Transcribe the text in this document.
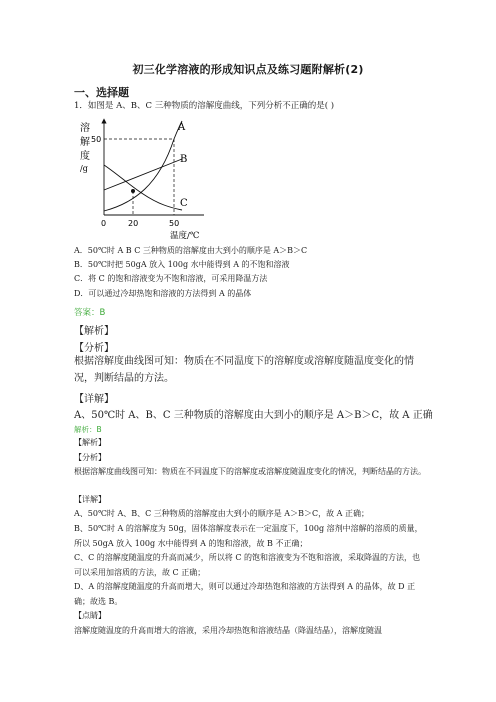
初三化学溶液的形成知识点及练习题附解析(2)
一、选择题
1．如图是 A、B、C 三种物质的溶解度曲线，下列分析不正确的是( )
溶
解
度
/g
50
A
B
C
0	20	50
温度/℃
A．50℃时 A B C 三种物质的溶解度由大到小的顺序是 A＞B＞C
B．50℃时把 50gA 放入 100g 水中能得到 A 的不饱和溶液
C．将 C 的饱和溶液变为不饱和溶液，可采用降温方法
D．可以通过冷却热饱和溶液的方法得到 A 的晶体
答案：B
【解析】
【分析】
根据溶解度曲线图可知：物质在不同温度下的溶解度或溶解度随温度变化的情况，判断结晶的方法。
【详解】
A、50℃时 A、B、C 三种物质的溶解度由大到小的顺序是 A＞B＞C，故 A 正确
解析：B
【解析】
【分析】
根据溶解度曲线图可知：物质在不同温度下的溶解度或溶解度随温度变化的情况，判断结晶的方法。
【详解】
A、50℃时 A、B、C 三种物质的溶解度由大到小的顺序是 A＞B＞C，故 A 正确；
B、50℃时 A 的溶解度为 50g，固体溶解度表示在一定温度下，100g 溶剂中溶解的溶质的质量，所以 50gA 放入 100g 水中能得到 A 的饱和溶液，故 B 不正确；
C、C 的溶解度随温度的升高而减少，所以将 C 的饱和溶液变为不饱和溶液，采取降温的方法，也可以采用加溶质的方法，故 C 正确；
D、A 的溶解度随温度的升高而增大，则可以通过冷却热饱和溶液的方法得到 A 的晶体，故 D 正确；故选 B。
【点睛】
溶解度随温度的升高而增大的溶液，采用冷却热饱和溶液结晶（降温结晶），溶解度随温
